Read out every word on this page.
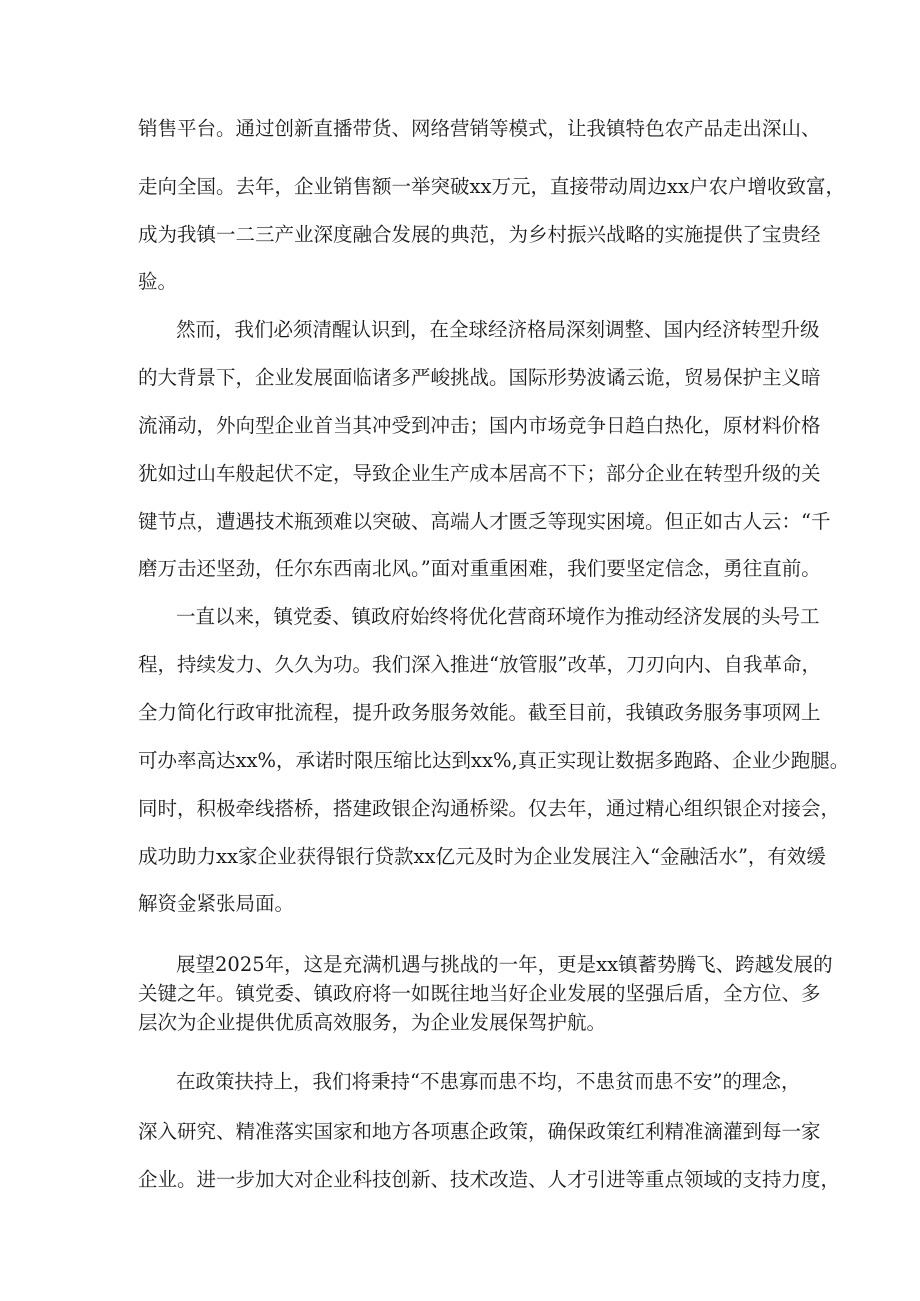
销售平台。通过创新直播带货、网络营销等模式，让我镇特色农产品走出深山、
走向全国。去年，企业销售额一举突破xx万元，直接带动周边xx户农户增收致富，
成为我镇一二三产业深度融合发展的典范，为乡村振兴战略的实施提供了宝贵经
验。
然而，我们必须清醒认识到，在全球经济格局深刻调整、国内经济转型升级
的大背景下，企业发展面临诸多严峻挑战。国际形势波谲云诡，贸易保护主义暗
流涌动，外向型企业首当其冲受到冲击；国内市场竞争日趋白热化，原材料价格
犹如过山车般起伏不定，导致企业生产成本居高不下；部分企业在转型升级的关
键节点，遭遇技术瓶颈难以突破、高端人才匮乏等现实困境。但正如古人云：“千
磨万击还坚劲，任尔东西南北风。”面对重重困难，我们要坚定信念，勇往直前。
一直以来，镇党委、镇政府始终将优化营商环境作为推动经济发展的头号工
程，持续发力、久久为功。我们深入推进“放管服”改革，刀刃向内、自我革命，
全力简化行政审批流程，提升政务服务效能。截至目前，我镇政务服务事项网上
可办率高达xx%，承诺时限压缩比达到xx%,真正实现让数据多跑路、企业少跑腿。
同时，积极牵线搭桥，搭建政银企沟通桥梁。仅去年，通过精心组织银企对接会，
成功助力xx家企业获得银行贷款xx亿元及时为企业发展注入“金融活水”，有效缓
解资金紧张局面。
展望2025年，这是充满机遇与挑战的一年，更是xx镇蓄势腾飞、跨越发展的
关键之年。镇党委、镇政府将一如既往地当好企业发展的坚强后盾，全方位、多
层次为企业提供优质高效服务，为企业发展保驾护航。
在政策扶持上，我们将秉持“不患寡而患不均，不患贫而患不安”的理念，
深入研究、精准落实国家和地方各项惠企政策，确保政策红利精准滴灌到每一家
企业。进一步加大对企业科技创新、技术改造、人才引进等重点领域的支持力度，
